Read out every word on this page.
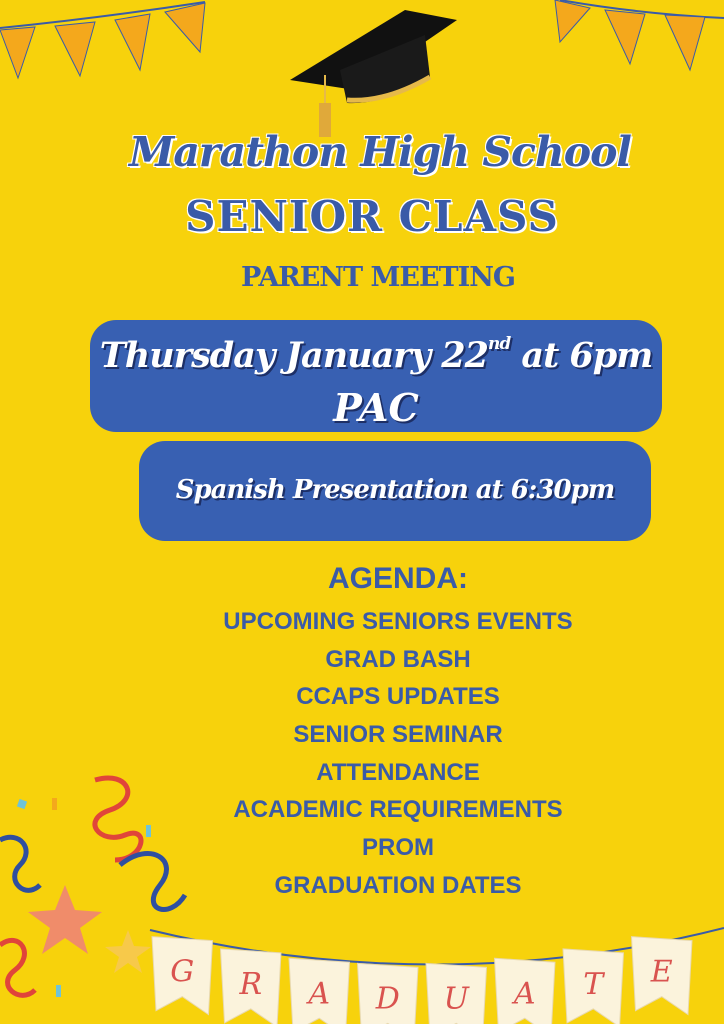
Marathon High School
SENIOR CLASS
PARENT MEETING
Thursday January 22nd at 6pm
PAC
Spanish Presentation at 6:30pm
AGENDA:
UPCOMING SENIORS EVENTS
GRAD BASH
CCAPS UPDATES
SENIOR SEMINAR
ATTENDANCE
ACADEMIC REQUIREMENTS
PROM
GRADUATION DATES
G R A D U A T E
